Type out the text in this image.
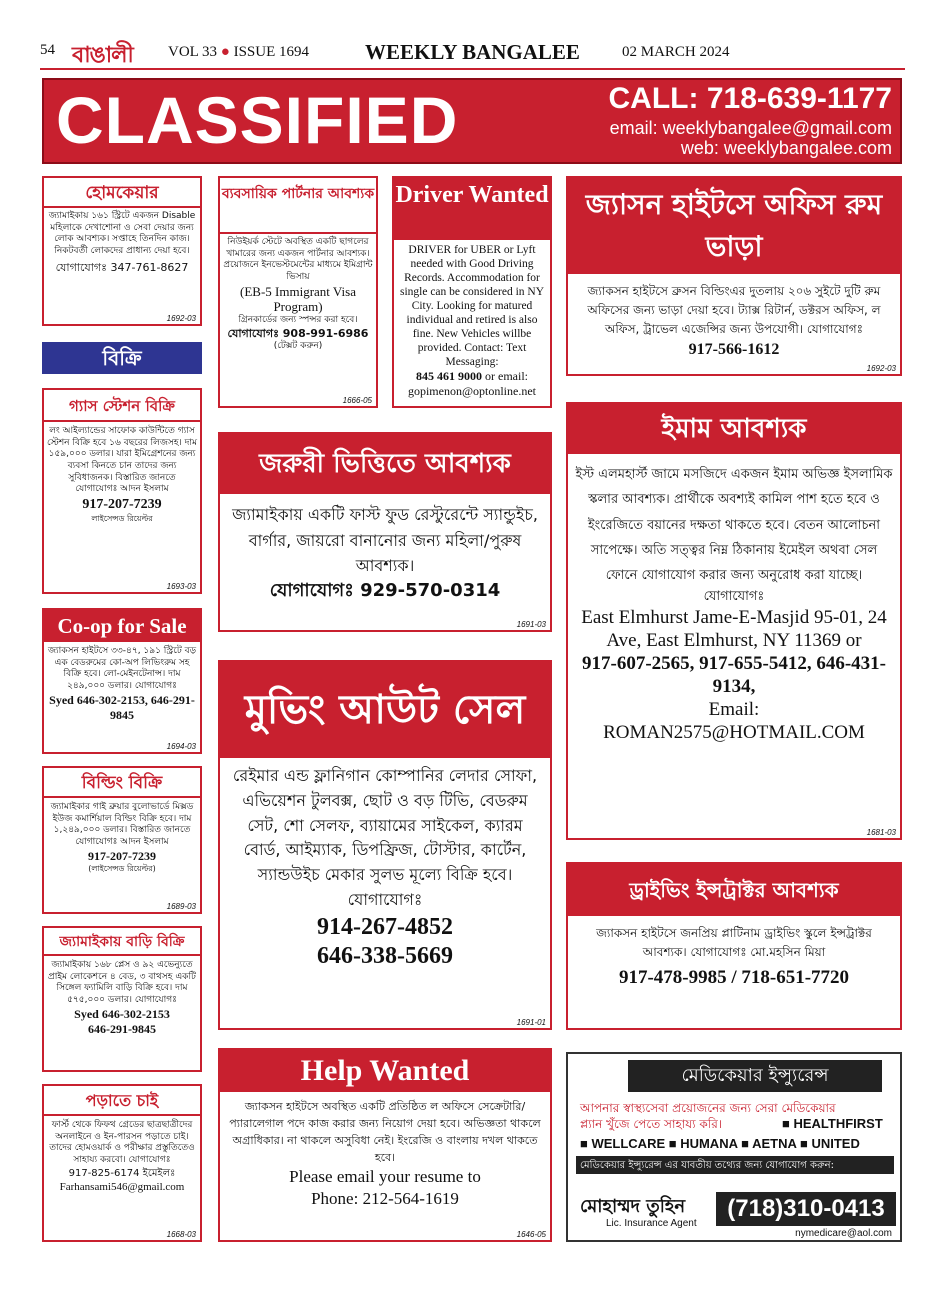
54 বাঙালী VOL 33 ● ISSUE 1694	WEEKLY BANGALEE	02 MARCH 2024
CLASSIFIED	CALL: 718-639-1177
email: weeklybangalee@gmail.com
web: weeklybangalee.com
হোমকেয়ার
জ্যামাইকায় ১৬১ স্ট্রিটে একজন Disable মহিলাকে দেখাশোনা ও সেবা দেয়ার জন্য লোক আবশ্যক। সপ্তাহে তিনদিন কাজ। নিকটবর্তী লোকদের প্রাধান্য দেয়া হবে।
যোগাযোগঃ 347-761-8627
1692-03
বিক্রি
গ্যাস স্টেশন বিক্রি
লং আইল্যান্ডের সাফোক কাউন্টিতে গ্যাস স্টেশন বিক্রি হবে ১৬ বছরের লিজসহ। দাম ১৫৯,০০০ ডলার। যারা ইমিগ্রেশনের জন্য ব্যবসা কিনতে চান তাদের জন্য সুবিধাজনক। বিস্তারিত জানতে যোগাযোগঃ আদন ইসলাম
917-207-7239
লাইসেন্সড রিয়েল্টর
1693-03
Co-op for Sale
জ্যাকসন হাইটসে ৩৩-৪৭, ১৯১ স্ট্রিটে বড় এক বেডরুমের কো-অপ লিভিংরুম সহ বিক্রি হবে। লো-মেইনটেনান্স। দাম ২৪৯,০০০ ডলার। যোগাযোগঃ
Syed 646-302-2153, 646-291-9845
1694-03
বিল্ডিং বিক্রি
জ্যামাইকার গাই ব্রুয়ার বুলোভার্ডে মিক্সড ইউজ কমার্শিয়াল বিল্ডিং বিক্রি হবে। দাম ১,২৪৯,০০০ ডলার। বিস্তারিত জানতে যোগাযোগঃ আদন ইসলাম
917-207-7239
(লাইসেন্সড রিয়েল্টর)
1689-03
জ্যামাইকায় বাড়ি বিক্রি
জ্যামাইকায় ১৬৮ প্লেস ও ৯২ এভেন্যুতে প্রাইম লোকেশনে ৪ বেড, ৩ বাথসহ একটি সিঙ্গেল ফ্যামিলি বাড়ি বিক্রি হবে। দাম ৫৭৫,০০০ ডলার। যোগাযোগঃ
Syed 646-302-2153
646-291-9845
পড়াতে চাই
ফার্স্ট থেকে ফিফথ গ্রেডের ছাত্রছাত্রীদের অনলাইনে ও ইন-পারসন পড়াতে চাই। তাদের হোমওয়ার্ক ও পরীক্ষার প্রস্তুতিতেও সাহায্য করবো। যোগাযোগঃ
917-825-6174 ইমেইলঃ
Farhansami546@gmail.com
1668-03
ব্যবসায়িক পার্টনার আবশ্যক
নিউইয়র্ক স্টেটে অবস্থিত একটি ছাগলের খামারের জন্য একজন পার্টনার আবশ্যক। প্রয়োজনে ইনভেস্টমেন্টের মাধ্যমে ইমিগ্রান্ট ভিসায়
(EB-5 Immigrant Visa Program)
গ্রিনকার্ডের জন্য স্পন্সর করা হবে।
যোগাযোগঃ 908-991-6986
(টেক্সট করুন)
1666-05
Driver Wanted
DRIVER for UBER or Lyft needed with Good Driving Records. Accommodation for single can be considered in NY City. Looking for matured individual and retired is also fine. New Vehicles willbe provided. Contact: Text Messaging:
845 461 9000 or email:
gopimenon@optonline.net
জরুরী ভিত্তিতে আবশ্যক
জ্যামাইকায় একটি ফাস্ট ফুড রেস্টুরেন্টে স্যান্ডুইচ, বার্গার, জায়রো বানানোর জন্য মহিলা/পুরুষ আবশ্যক।
যোগাযোগঃ 929-570-0314
1691-03
মুভিং আউট সেল
রেইমার এন্ড ফ্লানিগান কোম্পানির লেদার সোফা, এভিয়েশন টুলবক্স, ছোট ও বড় টিভি, বেডরুম সেট, শো সেলফ, ব্যায়ামের সাইকেল, ক্যারম বোর্ড, আইম্যাক, ডিপফ্রিজ, টোস্টার, কার্টেন, স্যান্ডউইচ মেকার সুলভ মূল্যে বিক্রি হবে। যোগাযোগঃ
914-267-4852
646-338-5669
1691-01
Help Wanted
জ্যাকসন হাইটসে অবস্থিত একটি প্রতিষ্ঠিত ল অফিসে সেক্রেটারি/প্যারালেগাল পদে কাজ করার জন্য নিয়োগ দেয়া হবে। অভিজ্ঞতা থাকলে অগ্রাধিকার। না থাকলে অসুবিধা নেই। ইংরেজি ও বাংলায় দখল থাকতে হবে।
Please email your resume to
Phone: 212-564-1619
1646-05
জ্যাসন হাইটসে অফিস রুম ভাড়া
জ্যাকসন হাইটসে ব্রুসন বিল্ডিংএর দুতলায় ২০৬ সুইটে দুটি রুম অফিসের জন্য ভাড়া দেয়া হবে। ট্যাক্স রিটার্ন, ডক্টরস অফিস, ল অফিস, ট্রাভেল এজেন্সির জন্য উপযোগী। যোগাযোগঃ
917-566-1612
1692-03
ইমাম আবশ্যক
ইস্ট এলমহার্স্ট জামে মসজিদে একজন ইমাম অভিজ্ঞ ইসলামিক স্কলার আবশ্যক। প্রার্থীকে অবশ্যই কামিল পাশ হতে হবে ও ইংরেজিতে বয়ানের দক্ষতা থাকতে হবে। বেতন আলোচনা সাপেক্ষে। অতি সত্ত্বর নিম্ন ঠিকানায় ইমেইল অথবা সেল ফোনে যোগাযোগ করার জন্য অনুরোধ করা যাচ্ছে।
যোগাযোগঃ
East Elmhurst Jame-E-Masjid 95-01, 24 Ave, East Elmhurst, NY 11369 or
917-607-2565, 917-655-5412, 646-431-9134,
Email:
ROMAN2575@HOTMAIL.COM
1681-03
ড্রাইভিং ইন্সট্রাক্টর আবশ্যক
জ্যাকসন হাইটসে জনপ্রিয় প্লাটিনাম ড্রাইভিং স্কুলে ইন্সট্রাক্টর আবশ্যক। যোগাযোগঃ মো.মহসিন মিয়া
917-478-9985 / 718-651-7720
মেডিকেয়ার ইন্স্যুরেন্স
আপনার স্বাস্থ্যসেবা প্রয়োজনের জন্য সেরা মেডিকেয়ার
প্ল্যান খুঁজে পেতে সাহায্য করি।	■ HEALTHFIRST
■ WELLCARE ■ HUMANA ■ AETNA ■ UNITED
মেডিকেয়ার ইন্স্যুরেন্স এর যাবতীয় তথ্যের জন্য যোগাযোগ করুন:
মোহাম্মদ তুহিন
Lic. Insurance Agent
(718)310-0413
nymedicare@aol.com
